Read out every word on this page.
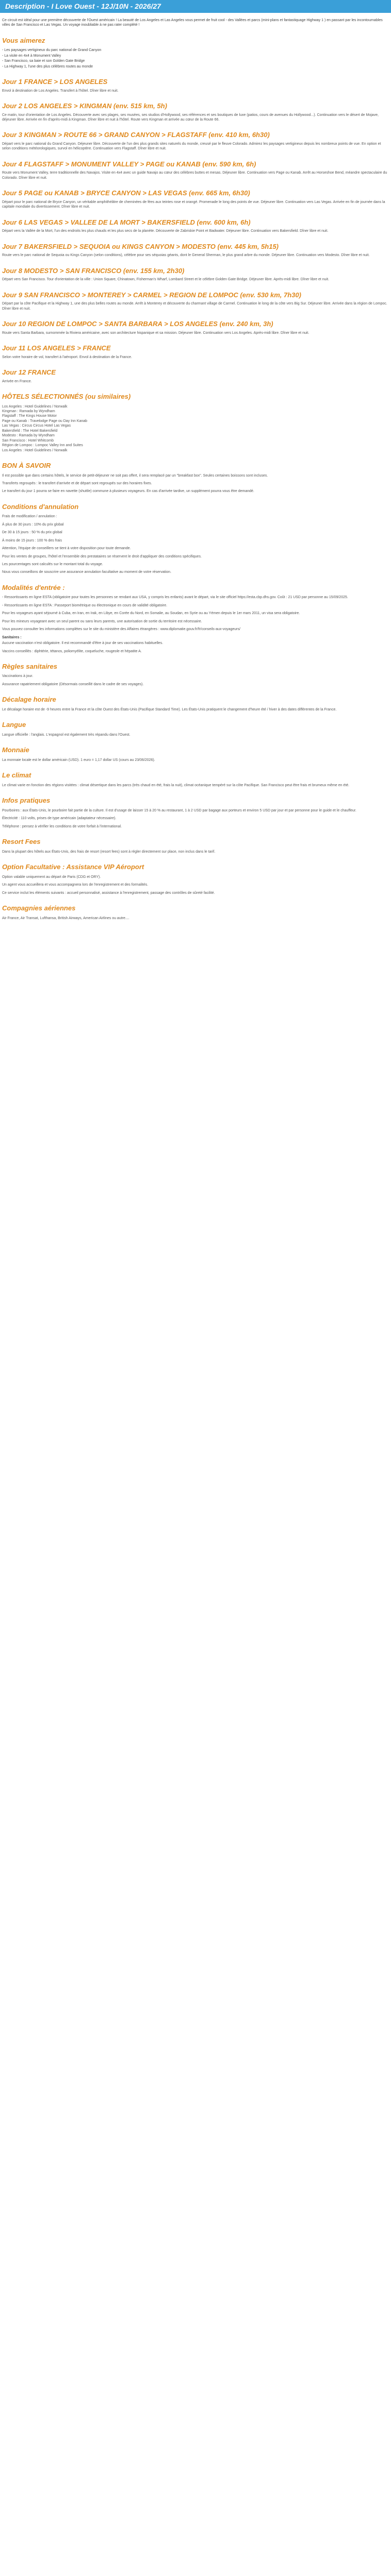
Description - I Love Ouest - 12J/10N - 2026/27

Ce circuit est idéal pour une première découverte de l'Ouest américain ! La beauté de Los Angeles et Las Angeles vous permet de fruit cool - des Vallées et parcs (mini-plans et fantastiquage Highway 1 ) en passant par les incontournables villes de San Francisco et Las Vegas. Un voyage inoubliable à ne pas rater complété !

Vous aimerez
- Les paysages vertigineux du parc national de Grand Canyon
- La visite en 4x4 à Monument Valley
- San Francisco, sa baie et son Golden Gate Bridge
- La Highway 1, l'une des plus célèbres routes au monde
Jour 1 FRANCE > LOS ANGELES
Envol à destination de Los Angeles. Transfert à l'hôtel. Dîner libre et nuit.
Jour 2 LOS ANGELES > KINGMAN (env. 515 km, 5h)
Ce matin, tour d'orientation de Los Angeles. Découverte avec ses plages, ses musées, ses studios d'Hollywood, ses références et ses boutiques de luxe (patios, cours de avenues du Hollywood...). Continuation vers le désert de Mojave, déjeuner libre. Arrivée en fin d'après-midi à Kingman. Dîner libre et nuit à l'hôtel. Route vers Kingman et arrivée au cœur de la Route 66.
Jour 3 KINGMAN > ROUTE 66 > GRAND CANYON > FLAGSTAFF (env. 410 km, 6h30)
Départ vers le parc national du Grand Canyon. Déjeuner libre. Découverte de l'un des plus grands sites naturels du monde, creusé par le fleuve Colorado. Admirez les paysages vertigineux depuis les nombreux points de vue. En option et selon conditions météorologiques, survol en hélicoptère. Continuation vers Flagstaff. Dîner libre et nuit.
Jour 4 FLAGSTAFF > MONUMENT VALLEY > PAGE ou KANAB (env. 590 km, 6h)
Route vers Monument Valley, terre traditionnelle des Navajos. Visite en 4x4 avec un guide Navajo au cœur des célèbres buttes et mesas. Déjeuner libre. Continuation vers Page ou Kanab. Arrêt au Horseshoe Bend, méandre spectaculaire du Colorado. Dîner libre et nuit.
Jour 5 PAGE ou KANAB > BRYCE CANYON > LAS VEGAS (env. 665 km, 6h30)
Départ pour le parc national de Bryce Canyon, un véritable amphithéâtre de cheminées de fées aux teintes rose et orangé. Promenade le long des points de vue. Déjeuner libre. Continuation vers Las Vegas. Arrivée en fin de journée dans la capitale mondiale du divertissement. Dîner libre et nuit.
Jour 6 LAS VEGAS > VALLEE DE LA MORT > BAKERSFIELD (env. 600 km, 6h)
Départ vers la Vallée de la Mort, l'un des endroits les plus chauds et les plus secs de la planète. Découverte de Zabriskie Point et Badwater. Déjeuner libre. Continuation vers Bakersfield. Dîner libre et nuit.
Jour 7 BAKERSFIELD > SEQUOIA ou KINGS CANYON > MODESTO (env. 445 km, 5h15)
Route vers le parc national de Sequoia ou Kings Canyon (selon conditions), célèbre pour ses séquoias géants, dont le General Sherman, le plus grand arbre du monde. Déjeuner libre. Continuation vers Modesto. Dîner libre et nuit.
Jour 8 MODESTO > SAN FRANCISCO (env. 155 km, 2h30)
Départ vers San Francisco. Tour d'orientation de la ville : Union Square, Chinatown, Fisherman's Wharf, Lombard Street et le célèbre Golden Gate Bridge. Déjeuner libre. Après-midi libre. Dîner libre et nuit.
Jour 9 SAN FRANCISCO > MONTEREY > CARMEL > REGION DE LOMPOC (env. 530 km, 7h30)
Départ par la côte Pacifique et la Highway 1, une des plus belles routes au monde. Arrêt à Monterey et découverte du charmant village de Carmel. Continuation le long de la côte vers Big Sur. Déjeuner libre. Arrivée dans la région de Lompoc. Dîner libre et nuit.
Jour 10 REGION DE LOMPOC > SANTA BARBARA > LOS ANGELES (env. 240 km, 3h)
Route vers Santa Barbara, surnommée la Riviera américaine, avec son architecture hispanique et sa mission. Déjeuner libre. Continuation vers Los Angeles. Après-midi libre. Dîner libre et nuit.
Jour 11 LOS ANGELES > FRANCE
Selon votre horaire de vol, transfert à l'aéroport. Envol à destination de la France.
Jour 12 FRANCE
Arrivée en France.
HÔTELS SÉLECTIONNÉS (ou similaires)
Los Angeles : Hotel Guidelines / Norwalk
Kingman : Ramada by Wyndham
Flagstaff : The Kings House Motor
Page ou Kanab : Travelodge Page ou Day Inn Kanab
Las Vegas : Circus Circus Hotel Las Vegas
Bakersfield : The Hotel Bakersfield
Modesto : Ramada by Wyndham
San Francisco : Hotel Whitcomb
Région de Lompoc : Lompoc Valley Inn and Suites
Los Angeles : Hotel Guidelines / Norwalk
BON À SAVOIR
Il est possible que dans certains hôtels, le service de petit-déjeuner ne soit pas offert, il sera remplacé par un "breakfast box". Seules certaines boissons sont incluses.
Transferts regroupés : le transfert d'arrivée et de départ sont regroupés sur des horaires fixes.
Le transfert du jour 1 pourra se faire en navette (shuttle) commune à plusieurs voyageurs. En cas d'arrivée tardive, un supplément pourra vous être demandé.
Conditions d'annulation
Frais de modification / annulation :
À plus de 30 jours : 10% du prix global
De 30 à 15 jours : 50 % du prix global
À moins de 15 jours : 100 % des frais
Attention, l'équipe de conseillers se tient à votre disposition pour toute demande.
Pour les ventes de groupes, l'hôtel et l'ensemble des prestataires se réservent le droit d'appliquer des conditions spécifiques.
Les pourcentages sont calculés sur le montant total du voyage.
Nous vous conseillons de souscrire une assurance annulation facultative au moment de votre réservation.
Modalités d'entrée :
- Ressortissants en ligne ESTA (obligatoire pour toutes les personnes se rendant aux USA, y compris les enfants) avant le départ, via le site officiel https://esta.cbp.dhs.gov. Coût : 21 USD par personne au 15/09/2025.
- Ressortissants en ligne ESTA : Passeport biométrique ou électronique en cours de validité obligatoire.
Pour les voyageurs ayant séjourné à Cuba, en Iran, en Irak, en Libye, en Corée du Nord, en Somalie, au Soudan, en Syrie ou au Yémen depuis le 1er mars 2011, un visa sera obligatoire.
Pour les mineurs voyageant avec un seul parent ou sans leurs parents, une autorisation de sortie du territoire est nécessaire.
Vous pouvez consulter les informations complètes sur le site du ministère des Affaires étrangères : www.diplomatie.gouv.fr/fr/conseils-aux-voyageurs/
Sanitaires :
Aucune vaccination n'est obligatoire. Il est recommandé d'être à jour de ses vaccinations habituelles.
Vaccins conseillés : diphtérie, tétanos, poliomyélite, coqueluche, rougeole et hépatite A.
Règles sanitaires
Vaccinations à jour.
Assurance rapatriement obligatoire (Désormais conseillé dans le cadre de ses voyages).
Décalage horaire
Le décalage horaire est de -9 heures entre la France et la côte Ouest des États-Unis (Pacifique Standard Time). Les États-Unis pratiquent le changement d'heure été / hiver à des dates différentes de la France.
Langue
Langue officielle : l'anglais. L'espagnol est également très répandu dans l'Ouest.
Monnaie
La monnaie locale est le dollar américain (USD). 1 euro = 1,17 dollar US (cours au 23/06/2026).
Le climat
Le climat varie en fonction des régions visitées : climat désertique dans les parcs (très chaud en été, frais la nuit), climat océanique tempéré sur la côte Pacifique. San Francisco peut être frais et brumeux même en été.
Infos pratiques
Pourboires : aux États-Unis, le pourboire fait partie de la culture. Il est d'usage de laisser 15 à 20 % au restaurant, 1 à 2 USD par bagage aux porteurs et environ 5 USD par jour et par personne pour le guide et le chauffeur.
Électricité : 110 volts, prises de type américain (adaptateur nécessaire).
Téléphone : pensez à vérifier les conditions de votre forfait à l'international.
Resort Fees
Dans la plupart des hôtels aux États-Unis, des frais de resort (resort fees) sont à régler directement sur place, non inclus dans le tarif.
Option Facultative : Assistance VIP Aéroport
Option valable uniquement au départ de Paris (CDG et ORY).
Un agent vous accueillera et vous accompagnera lors de l'enregistrement et des formalités.
Ce service inclut les éléments suivants : accueil personnalisé, assistance à l'enregistrement, passage des contrôles de sûreté facilité.
Compagnies aériennes
Air France, Air Transat, Lufthansa, British Airways, American Airlines ou autre....
